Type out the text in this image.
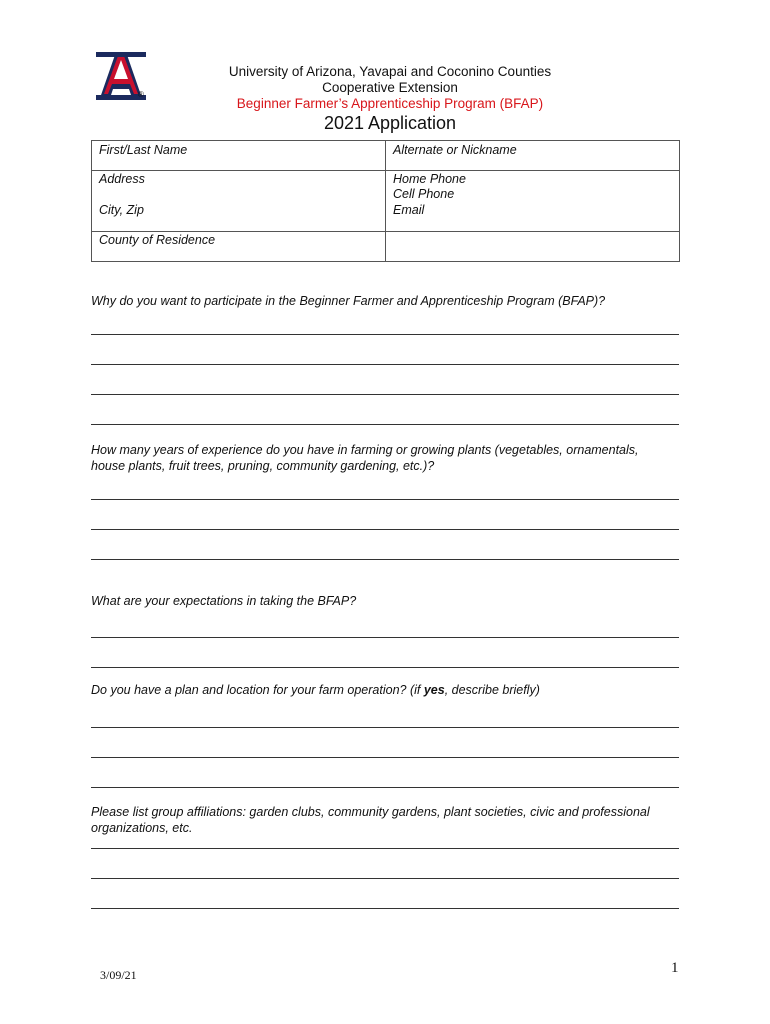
®
University of Arizona, Yavapai and Coconino Counties
Cooperative Extension
Beginner Farmer’s Apprenticeship Program (BFAP)
2021 Application
First/Last Name	Alternate or Nickname
Address
City, Zip
Home Phone
Cell Phone
Email
County of Residence
Why do you want to participate in the Beginner Farmer and Apprenticeship Program (BFAP)?
How many years of experience do you have in farming or growing plants (vegetables, ornamentals,
house plants, fruit trees, pruning, community gardening, etc.)?
What are your expectations in taking the BFAP?
Do you have a plan and location for your farm operation? (if yes, describe briefly)
Please list group affiliations: garden clubs, community gardens, plant societies, civic and professional
organizations, etc.
3/09/21	1
